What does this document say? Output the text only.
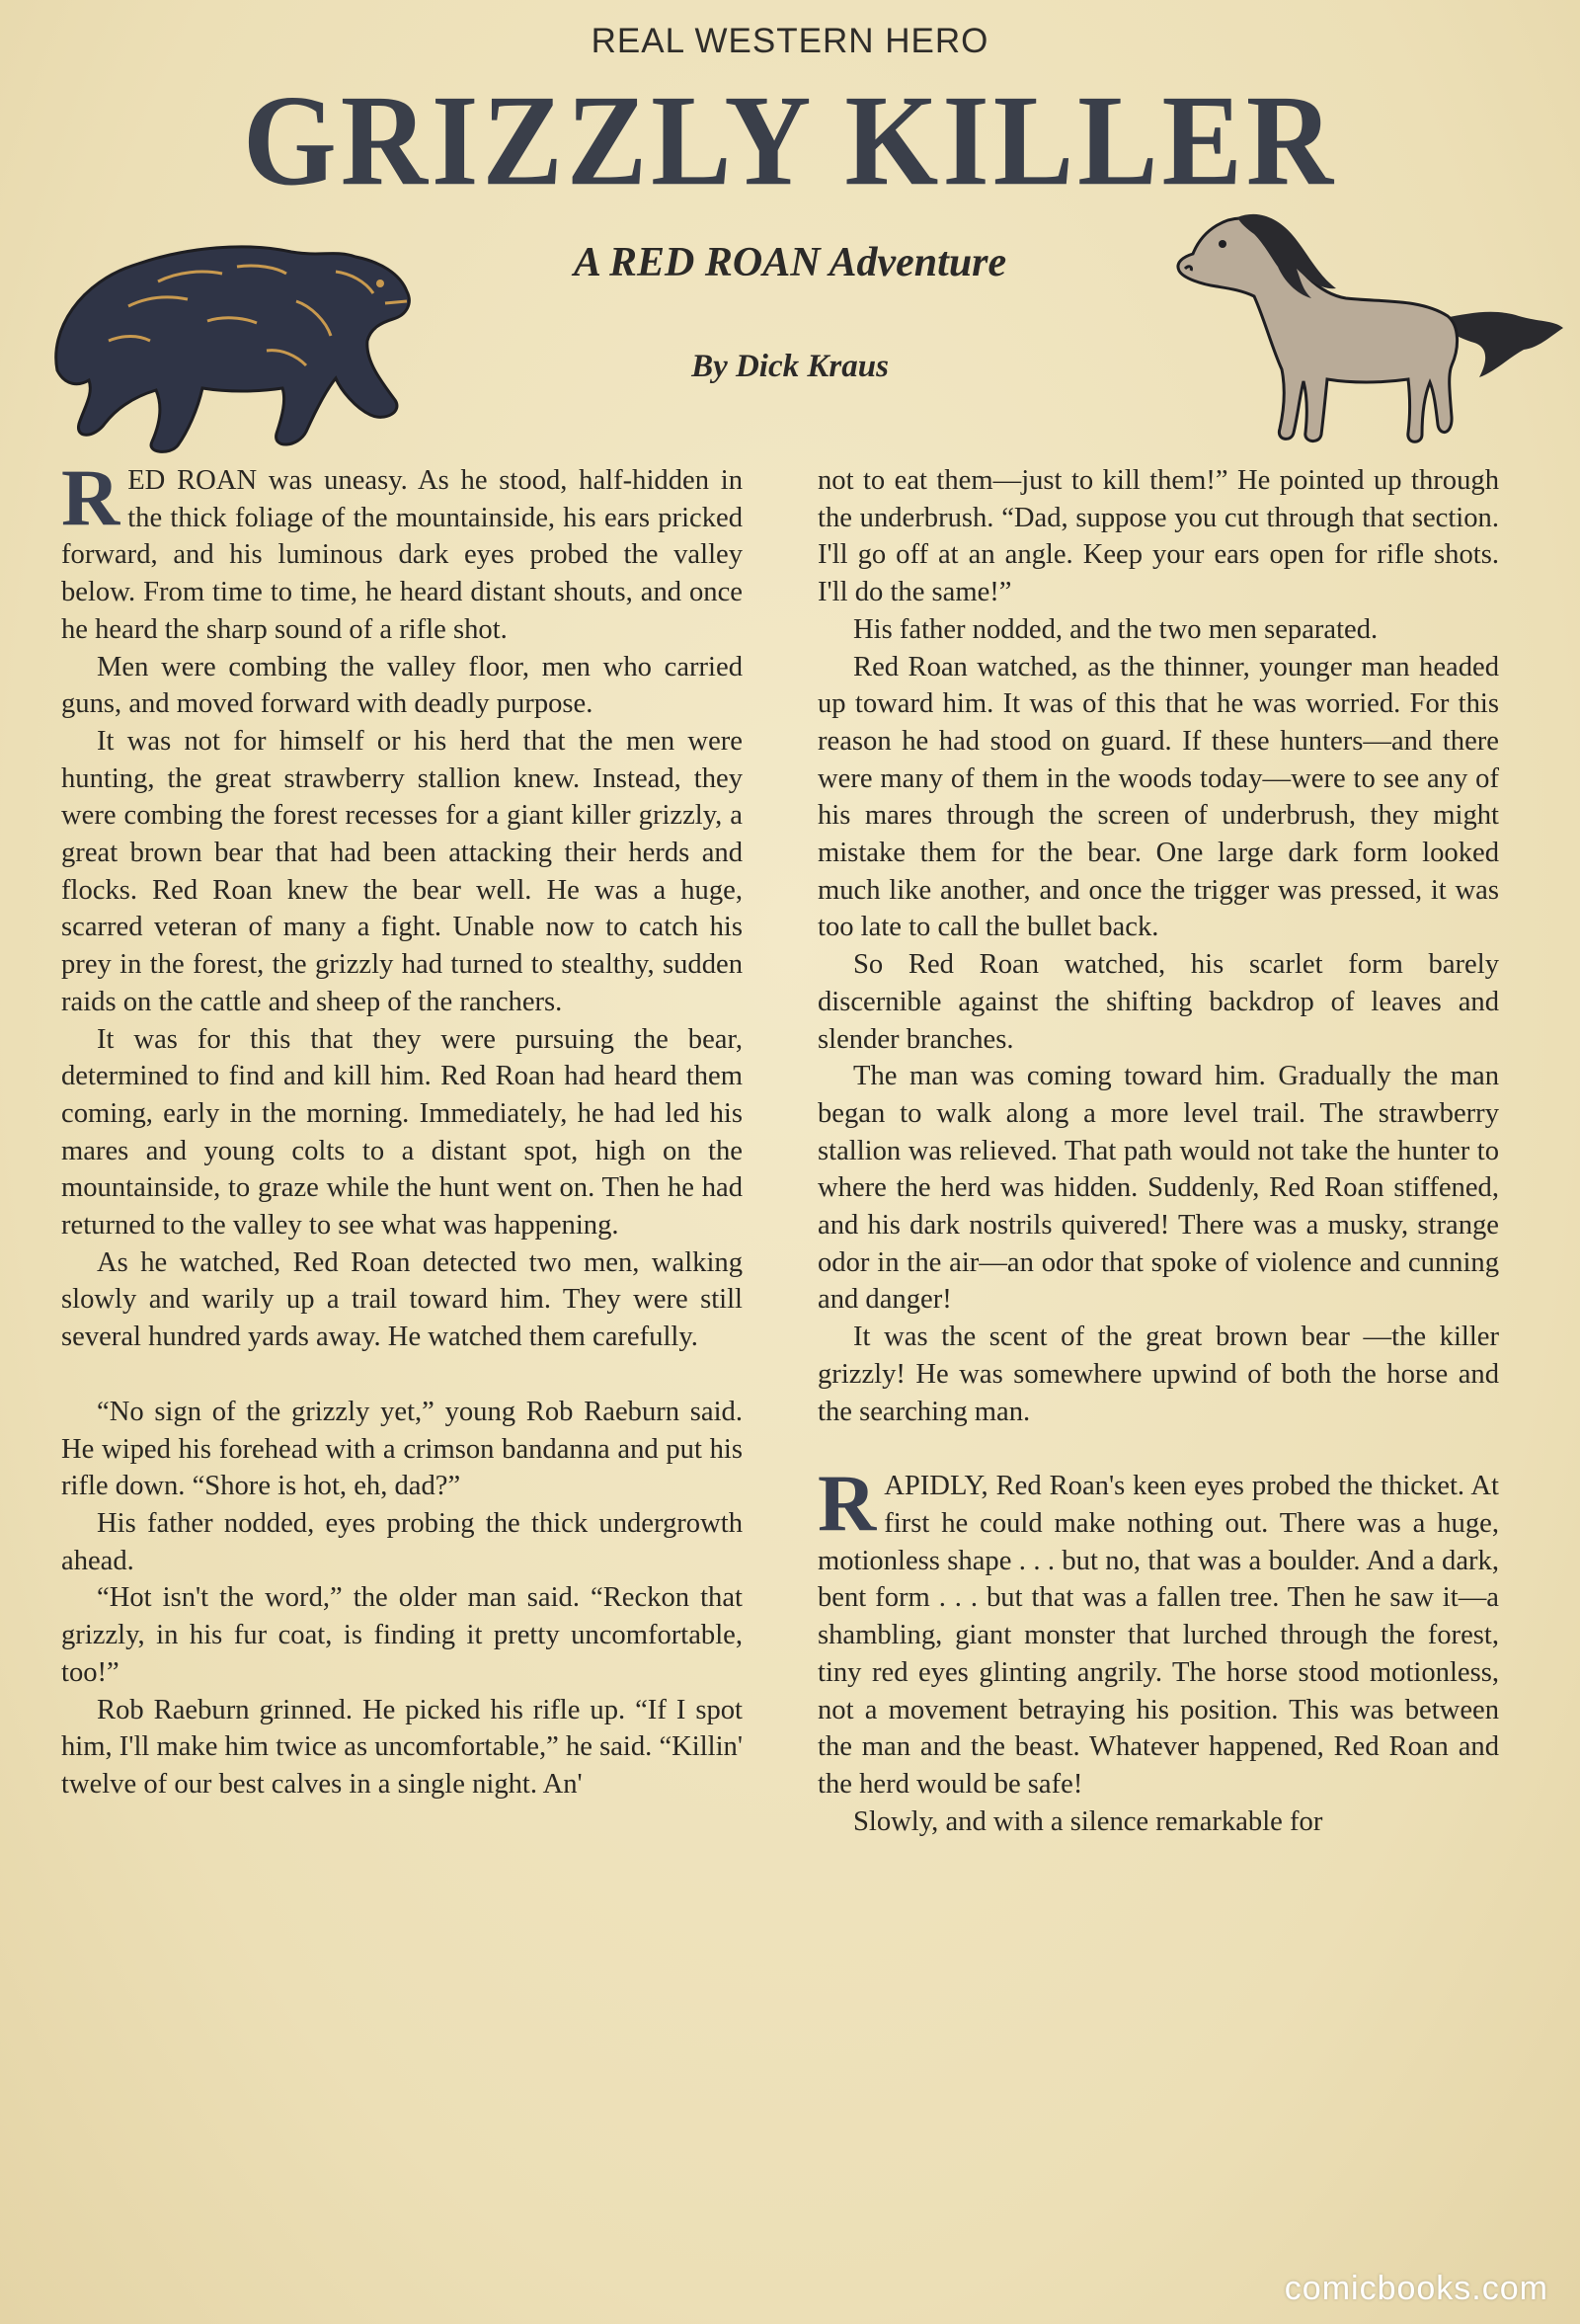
REAL WESTERN HERO
GRIZZLY KILLER
A RED ROAN Adventure
By Dick Kraus

RED ROAN was uneasy. As he stood, half-hidden in the thick foliage of the mountainside, his ears pricked forward, and his luminous dark eyes probed the valley below. From time to time, he heard distant shouts, and once he heard the sharp sound of a rifle shot.

Men were combing the valley floor, men who carried guns, and moved forward with deadly purpose.

It was not for himself or his herd that the men were hunting, the great strawberry stallion knew. Instead, they were combing the forest recesses for a giant killer grizzly, a great brown bear that had been attacking their herds and flocks. Red Roan knew the bear well. He was a huge, scarred veteran of many a fight. Unable now to catch his prey in the forest, the grizzly had turned to stealthy, sudden raids on the cattle and sheep of the ranchers.

It was for this that they were pursuing the bear, determined to find and kill him. Red Roan had heard them coming, early in the morning. Immediately, he had led his mares and young colts to a distant spot, high on the mountainside, to graze while the hunt went on. Then he had returned to the valley to see what was happening.

As he watched, Red Roan detected two men, walking slowly and warily up a trail toward him. They were still several hundred yards away. He watched them carefully.

“No sign of the grizzly yet,” young Rob Raeburn said. He wiped his forehead with a crimson bandanna and put his rifle down. “Shore is hot, eh, dad?”

His father nodded, eyes probing the thick undergrowth ahead.

“Hot isn't the word,” the older man said. “Reckon that grizzly, in his fur coat, is finding it pretty uncomfortable, too!”

Rob Raeburn grinned. He picked his rifle up. “If I spot him, I'll make him twice as uncomfortable,” he said. “Killin' twelve of our best calves in a single night. An'

not to eat them—just to kill them!” He pointed up through the underbrush. “Dad, suppose you cut through that section. I'll go off at an angle. Keep your ears open for rifle shots. I'll do the same!”

His father nodded, and the two men separated.

Red Roan watched, as the thinner, younger man headed up toward him. It was of this that he was worried. For this reason he had stood on guard. If these hunters—and there were many of them in the woods today—were to see any of his mares through the screen of underbrush, they might mistake them for the bear. One large dark form looked much like another, and once the trigger was pressed, it was too late to call the bullet back.

So Red Roan watched, his scarlet form barely discernible against the shifting backdrop of leaves and slender branches.

The man was coming toward him. Gradually the man began to walk along a more level trail. The strawberry stallion was relieved. That path would not take the hunter to where the herd was hidden. Suddenly, Red Roan stiffened, and his dark nostrils quivered! There was a musky, strange odor in the air—an odor that spoke of violence and cunning and danger!

It was the scent of the great brown bear —the killer grizzly! He was somewhere upwind of both the horse and the searching man.

RAPIDLY, Red Roan's keen eyes probed the thicket. At first he could make nothing out. There was a huge, motionless shape . . . but no, that was a boulder. And a dark, bent form . . . but that was a fallen tree. Then he saw it—a shambling, giant monster that lurched through the forest, tiny red eyes glinting angrily. The horse stood motionless, not a movement betraying his position. This was between the man and the beast. Whatever happened, Red Roan and the herd would be safe!

Slowly, and with a silence remarkable for

comicbooks.com
